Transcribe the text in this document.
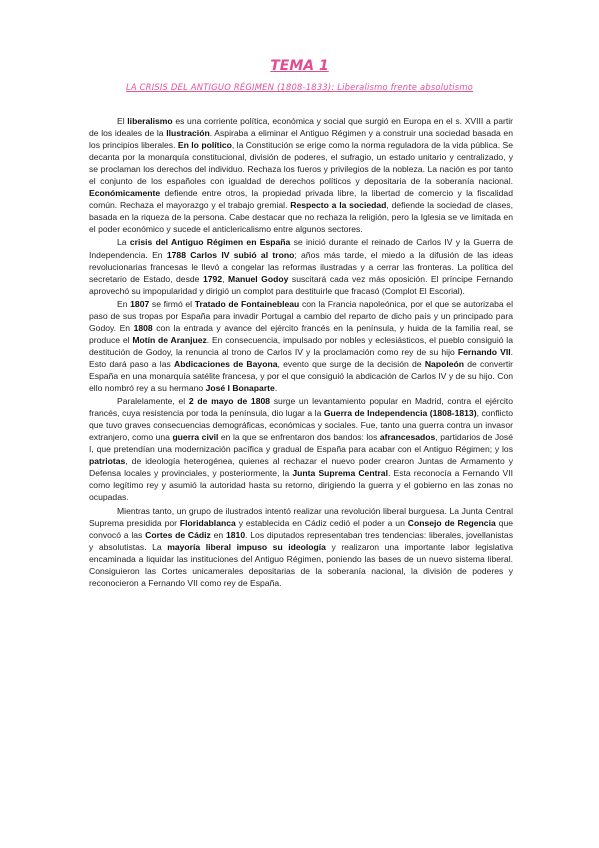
TEMA 1
LA CRISIS DEL ANTIGUO RÉGIMEN (1808-1833): Liberalismo frente absolutismo

El liberalismo es una corriente política, económica y social que surgió en Europa en el s. XVIII a partir de los ideales de la Ilustración. Aspiraba a eliminar el Antiguo Régimen y a construir una sociedad basada en los principios liberales. En lo político, la Constitución se erige como la norma reguladora de la vida pública. Se decanta por la monarquía constitucional, división de poderes, el sufragio, un estado unitario y centralizado, y se proclaman los derechos del individuo. Rechaza los fueros y privilegios de la nobleza. La nación es por tanto el conjunto de los españoles con igualdad de derechos políticos y depositaria de la soberanía nacional. Económicamente defiende entre otros, la propiedad privada libre, la libertad de comercio y la fiscalidad común. Rechaza el mayorazgo y el trabajo gremial. Respecto a la sociedad, defiende la sociedad de clases, basada en la riqueza de la persona. Cabe destacar que no rechaza la religión, pero la Iglesia se ve limitada en el poder económico y sucede el anticlericalismo entre algunos sectores.

La crisis del Antiguo Régimen en España se inició durante el reinado de Carlos IV y la Guerra de Independencia. En 1788 Carlos IV subió al trono; años más tarde, el miedo a la difusión de las ideas revolucionarias francesas le llevó a congelar las reformas ilustradas y a cerrar las fronteras. La política del secretario de Estado, desde 1792, Manuel Godoy suscitará cada vez más oposición. El príncipe Fernando aprovechó su impopularidad y dirigió un complot para destituirle que fracasó (Complot El Escorial).

En 1807 se firmó el Tratado de Fontainebleau con la Francia napoleónica, por el que se autorizaba el paso de sus tropas por España para invadir Portugal a cambio del reparto de dicho país y un principado para Godoy. En 1808 con la entrada y avance del ejército francés en la península, y huida de la familia real, se produce el Motín de Aranjuez. En consecuencia, impulsado por nobles y eclesiásticos, el pueblo consiguió la destitución de Godoy, la renuncia al trono de Carlos IV y la proclamación como rey de su hijo Fernando VII. Esto dará paso a las Abdicaciones de Bayona, evento que surge de la decisión de Napoleón de convertir España en una monarquía satélite francesa, y por el que consiguió la abdicación de Carlos IV y de su hijo. Con ello nombró rey a su hermano José I Bonaparte.

Paralelamente, el 2 de mayo de 1808 surge un levantamiento popular en Madrid, contra el ejército francés, cuya resistencia por toda la península, dio lugar a la Guerra de Independencia (1808-1813), conflicto que tuvo graves consecuencias demográficas, económicas y sociales. Fue, tanto una guerra contra un invasor extranjero, como una guerra civil en la que se enfrentaron dos bandos: los afrancesados, partidarios de José I, que pretendían una modernización pacífica y gradual de España para acabar con el Antiguo Régimen; y los patriotas, de ideología heterogénea, quienes al rechazar el nuevo poder crearon Juntas de Armamento y Defensa locales y provinciales, y posteriormente, la Junta Suprema Central. Esta reconocía a Fernando VII como legítimo rey y asumió la autoridad hasta su retorno, dirigiendo la guerra y el gobierno en las zonas no ocupadas.

Mientras tanto, un grupo de ilustrados intentó realizar una revolución liberal burguesa. La Junta Central Suprema presidida por Floridablanca y establecida en Cádiz cedió el poder a un Consejo de Regencia que convocó a las Cortes de Cádiz en 1810. Los diputados representaban tres tendencias: liberales, jovellanistas y absolutistas. La mayoría liberal impuso su ideología y realizaron una importante labor legislativa encaminada a liquidar las instituciones del Antiguo Régimen, poniendo las bases de un nuevo sistema liberal. Consiguieron las Cortes unicamerales depositarias de la soberanía nacional, la división de poderes y reconocieron a Fernando VII como rey de España.
